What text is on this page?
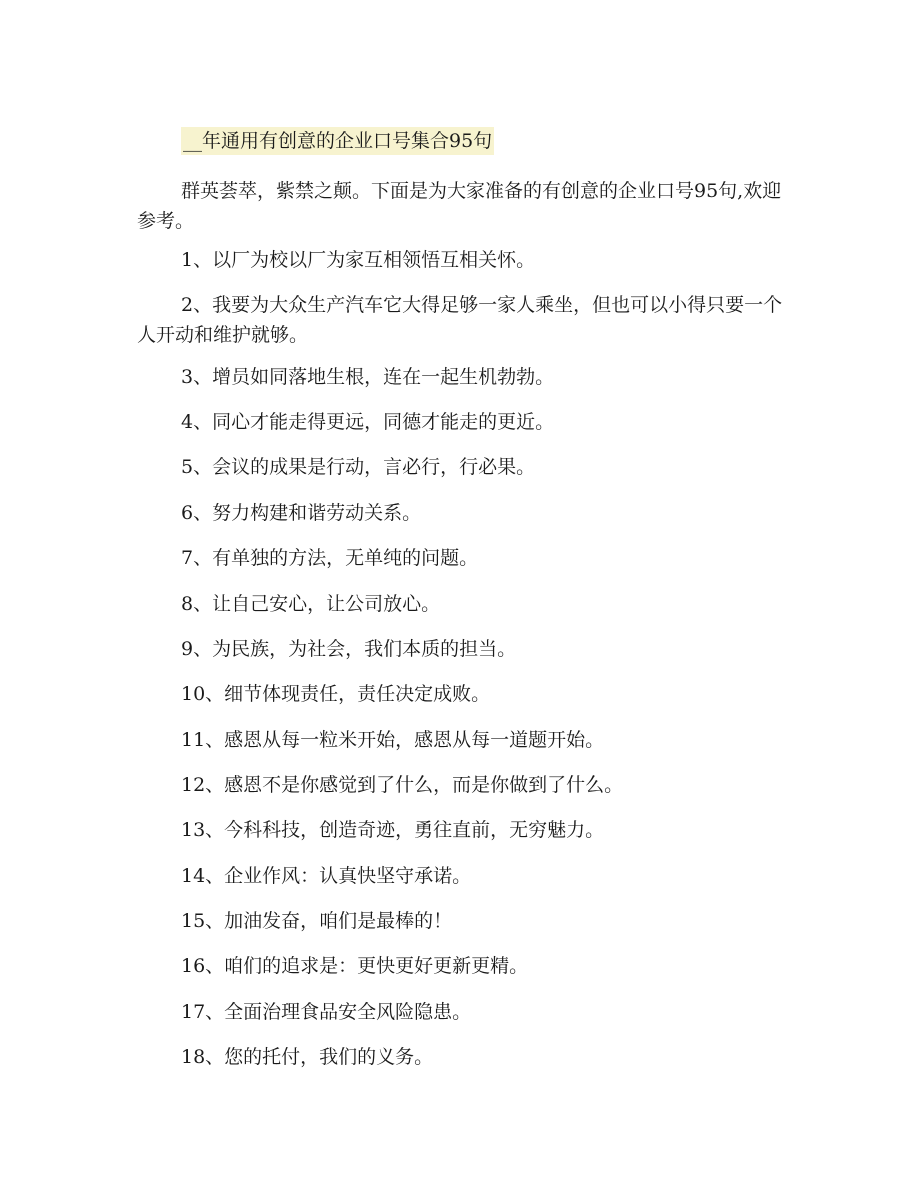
__年通用有创意的企业口号集合95句

群英荟萃，紫禁之颠。下面是为大家准备的有创意的企业口号95句,欢迎参考。

1、以厂为校以厂为家互相领悟互相关怀。

2、我要为大众生产汽车它大得足够一家人乘坐，但也可以小得只要一个人开动和维护就够。

3、增员如同落地生根，连在一起生机勃勃。

4、同心才能走得更远，同德才能走的更近。

5、会议的成果是行动，言必行，行必果。

6、努力构建和谐劳动关系。

7、有单独的方法，无单纯的问题。

8、让自己安心，让公司放心。

9、为民族，为社会，我们本质的担当。

10、细节体现责任，责任决定成败。

11、感恩从每一粒米开始，感恩从每一道题开始。

12、感恩不是你感觉到了什么，而是你做到了什么。

13、今科科技，创造奇迹，勇往直前，无穷魅力。

14、企业作风：认真快坚守承诺。

15、加油发奋，咱们是最棒的！

16、咱们的追求是：更快更好更新更精。

17、全面治理食品安全风险隐患。

18、您的托付，我们的义务。
